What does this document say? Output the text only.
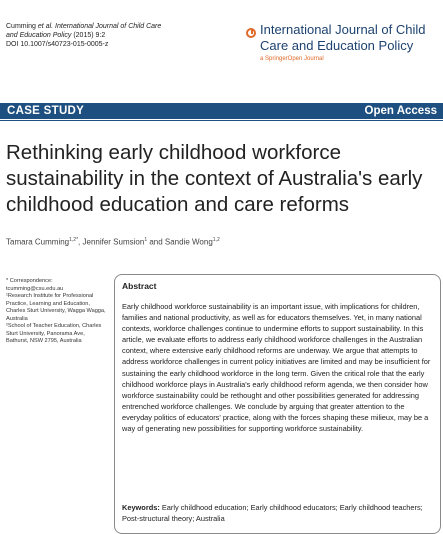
Cumming et al. International Journal of Child Care and Education Policy (2015) 9:2
DOI 10.1007/s40723-015-0005-z
International Journal of Child Care and Education Policy
a SpringerOpen Journal
CASE STUDY	Open Access
Rethinking early childhood workforce sustainability in the context of Australia's early childhood education and care reforms
Tamara Cumming$^{1,2*}$, Jennifer Sumsion$^1$ and Sandie Wong$^{1,2}$

* Correspondence:

tcumming@csu.edu.au

¹Research Institute for Professional Practice, Learning and Education, Charles Sturt University, Wagga Wagga, Australia

²School of Teacher Education, Charles Sturt University, Panorama Ave, Bathurst, NSW 2795, Australia

Abstract

Early childhood workforce sustainability is an important issue, with implications for children, families and national productivity, as well as for educators themselves. Yet, in many national contexts, workforce challenges continue to undermine efforts to support sustainability. In this article, we evaluate efforts to address early childhood workforce challenges in the Australian context, where extensive early childhood reforms are underway. We argue that attempts to address workforce challenges in current policy initiatives are limited and may be insufficient for sustaining the early childhood workforce in the long term. Given the critical role that the early childhood workforce plays in Australia's early childhood reform agenda, we then consider how workforce sustainability could be rethought and other possibilities generated for addressing entrenched workforce challenges. We conclude by arguing that greater attention to the everyday politics of educators' practice, along with the forces shaping these milieux, may be a way of generating new possibilities for supporting workforce sustainability.

Keywords: Early childhood education; Early childhood educators; Early childhood teachers; Post-structural theory; Australia
